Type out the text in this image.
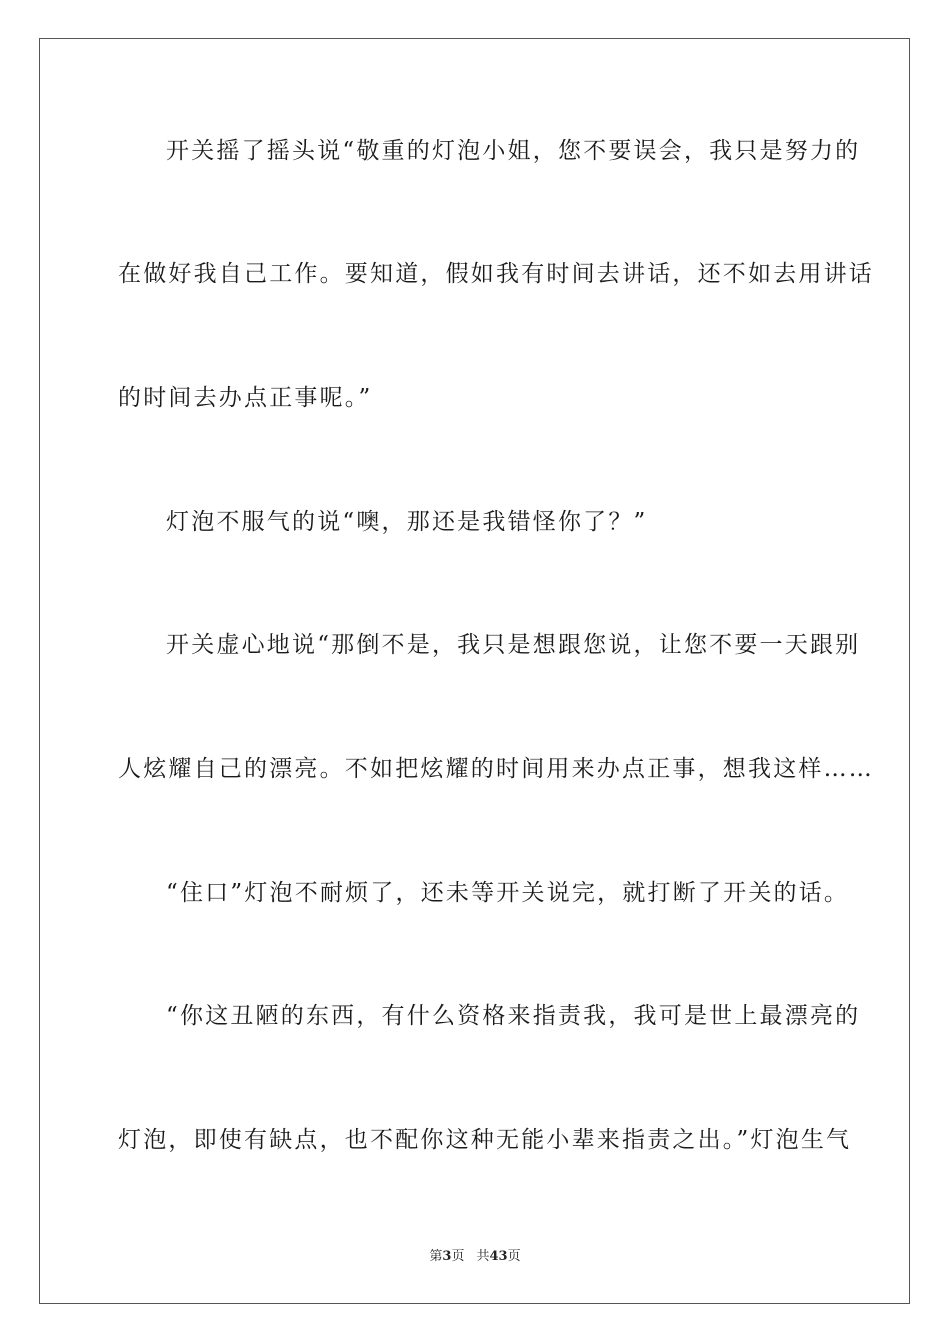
开关摇了摇头说“敬重的灯泡小姐，您不要误会，我只是努力的

在做好我自己工作。要知道，假如我有时间去讲话，还不如去用讲话

的时间去办点正事呢。”

灯泡不服气的说“噢，那还是我错怪你了？”

开关虚心地说“那倒不是，我只是想跟您说，让您不要一天跟别

人炫耀自己的漂亮。不如把炫耀的时间用来办点正事，想我这样……

“住口”灯泡不耐烦了，还未等开关说完，就打断了开关的话。

“你这丑陋的东西，有什么资格来指责我，我可是世上最漂亮的

灯泡，即使有缺点，也不配你这种无能小辈来指责之出。”灯泡生气

第3页 共43页
